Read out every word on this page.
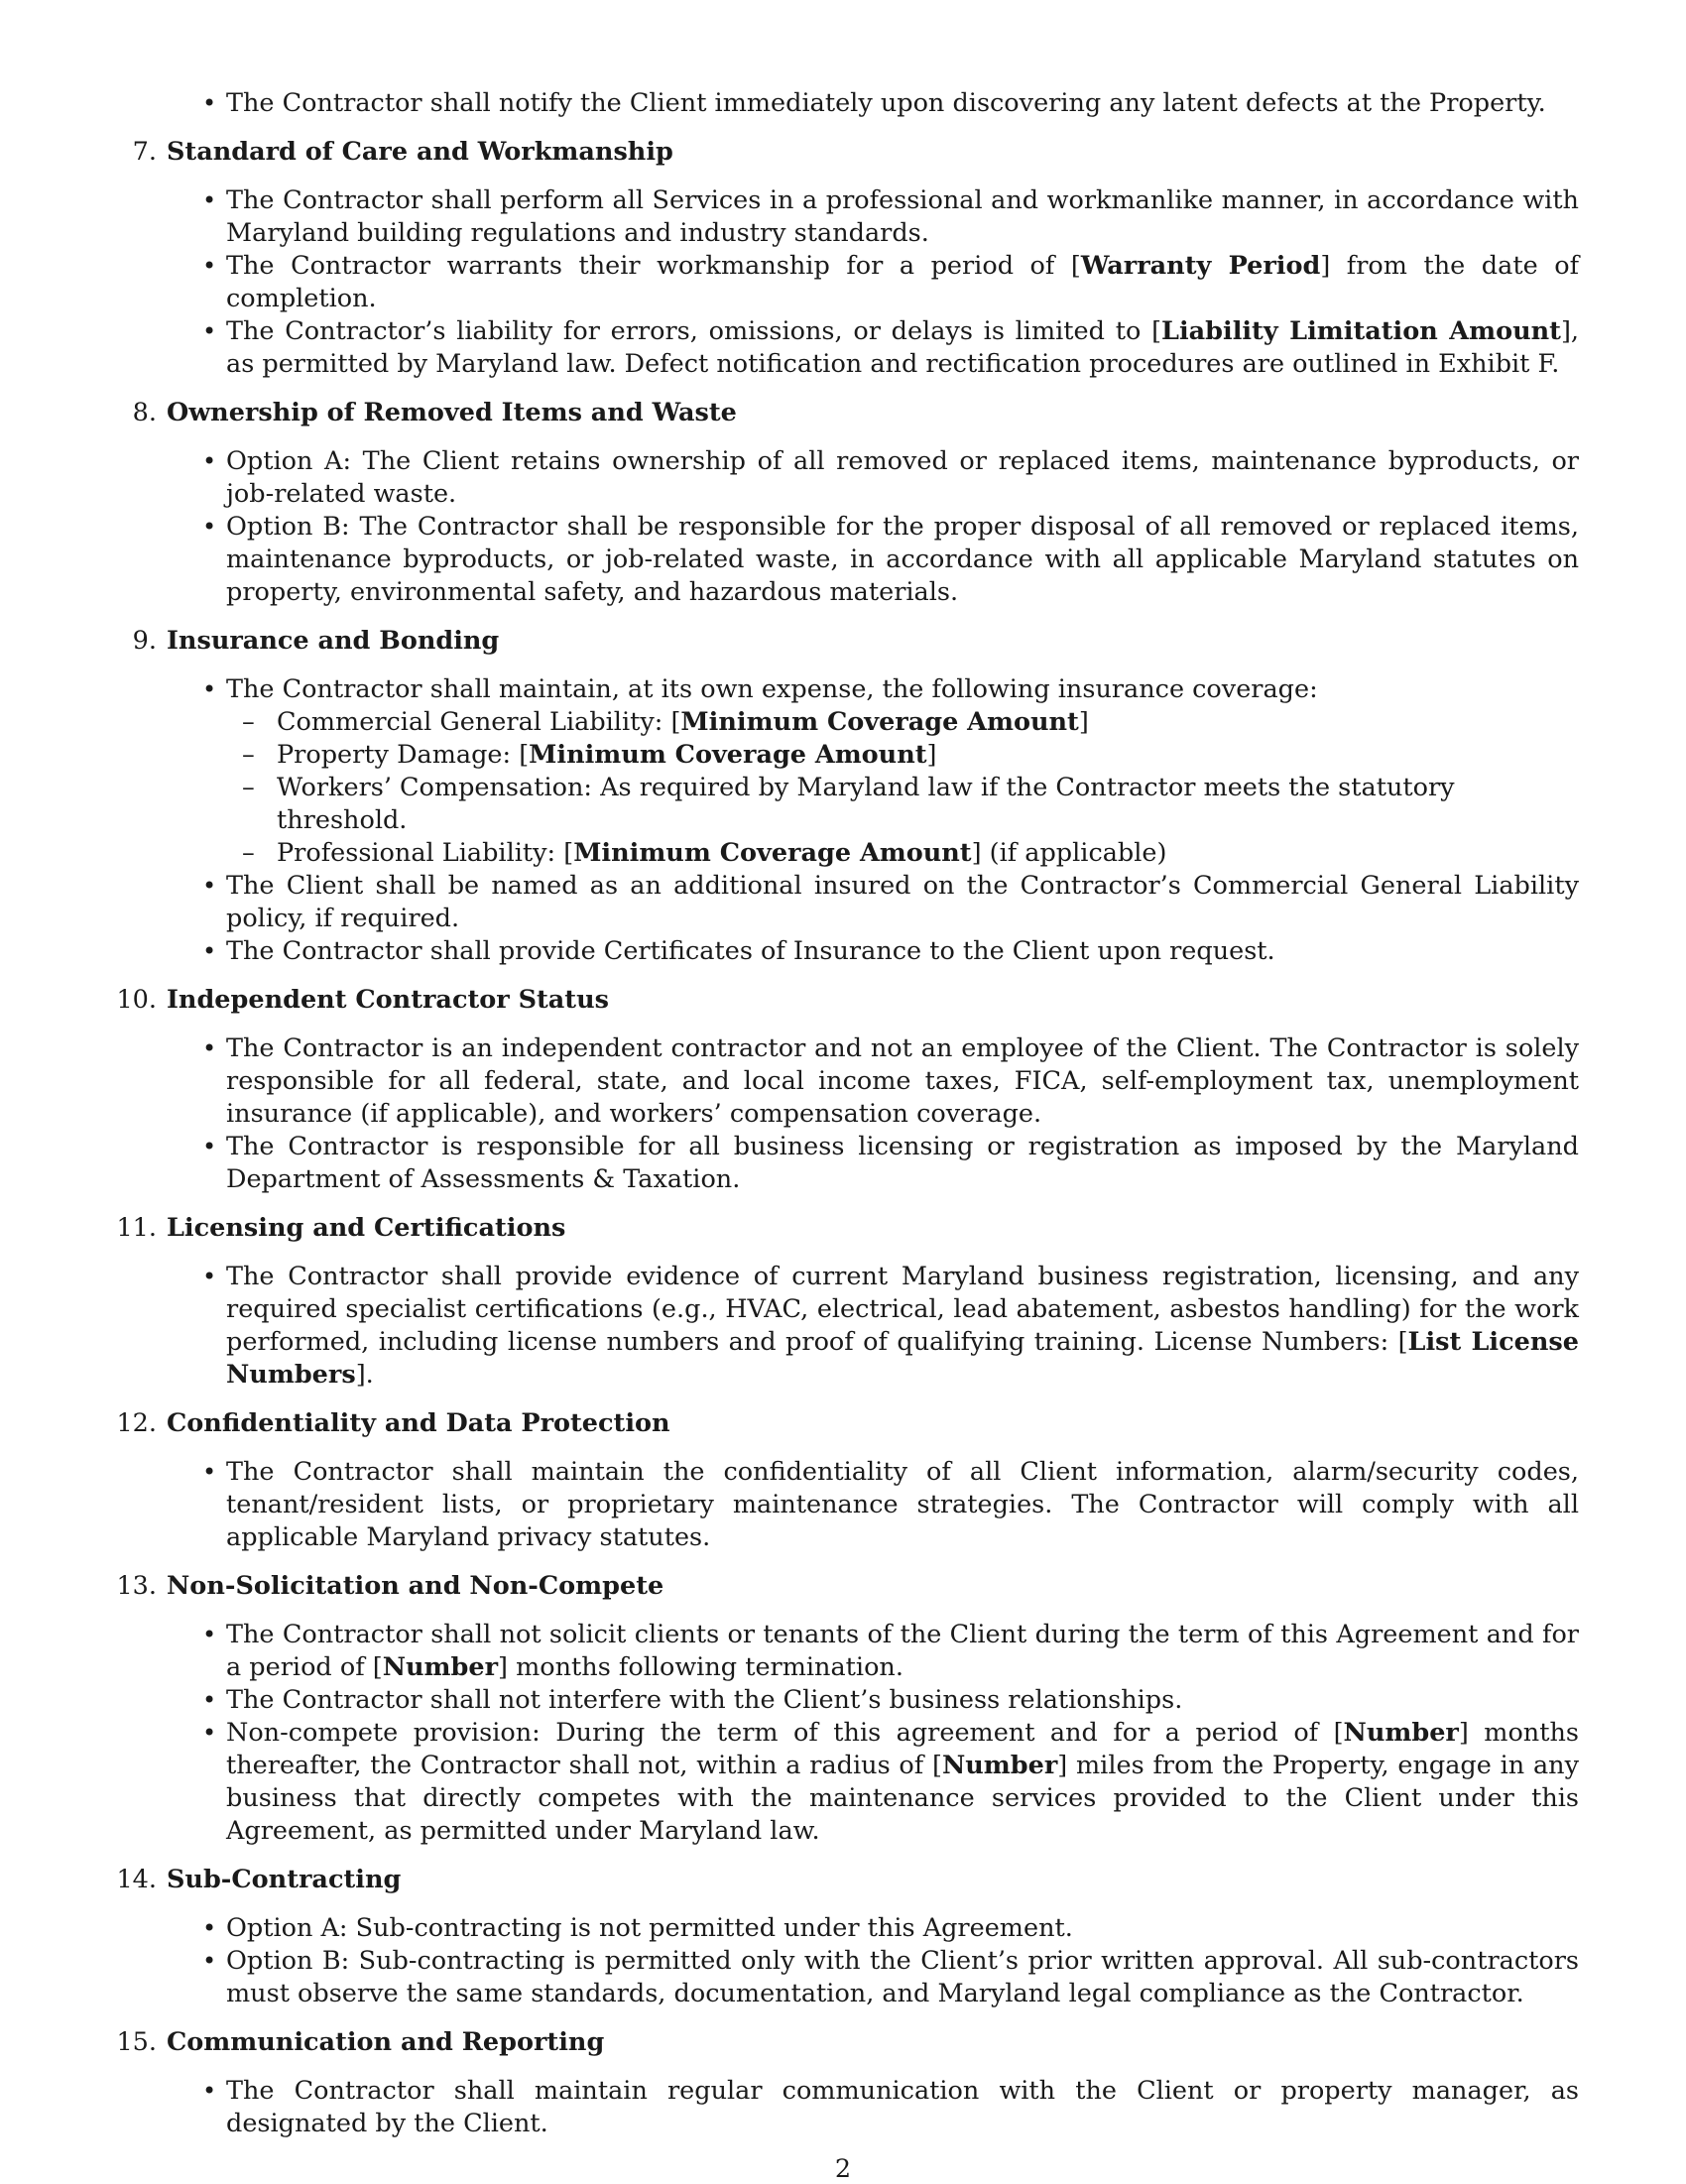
• The Contractor shall notify the Client immediately upon discovering any latent defects at the Property.
7. Standard of Care and Workmanship
• The Contractor shall perform all Services in a professional and workmanlike manner, in accordance with Maryland building regulations and industry standards.
• The Contractor warrants their workmanship for a period of [Warranty Period] from the date of completion.
• The Contractor’s liability for errors, omissions, or delays is limited to [Liability Limitation Amount], as permitted by Maryland law. Defect notification and rectification procedures are outlined in Exhibit F.
8. Ownership of Removed Items and Waste
• Option A: The Client retains ownership of all removed or replaced items, maintenance byproducts, or job-related waste.
• Option B: The Contractor shall be responsible for the proper disposal of all removed or replaced items, maintenance byproducts, or job-related waste, in accordance with all applicable Maryland statutes on property, environmental safety, and hazardous materials.
9. Insurance and Bonding
• The Contractor shall maintain, at its own expense, the following insurance coverage:
– Commercial General Liability: [Minimum Coverage Amount]
– Property Damage: [Minimum Coverage Amount]
– Workers’ Compensation: As required by Maryland law if the Contractor meets the statutory threshold.
– Professional Liability: [Minimum Coverage Amount] (if applicable)
• The Client shall be named as an additional insured on the Contractor’s Commercial General Liability policy, if required.
• The Contractor shall provide Certificates of Insurance to the Client upon request.
10. Independent Contractor Status
• The Contractor is an independent contractor and not an employee of the Client. The Contractor is solely responsible for all federal, state, and local income taxes, FICA, self-employment tax, unemployment insurance (if applicable), and workers’ compensation coverage.
• The Contractor is responsible for all business licensing or registration as imposed by the Maryland Department of Assessments & Taxation.
11. Licensing and Certifications
• The Contractor shall provide evidence of current Maryland business registration, licensing, and any required specialist certifications (e.g., HVAC, electrical, lead abatement, asbestos handling) for the work performed, including license numbers and proof of qualifying training. License Numbers: [List License Numbers].
12. Confidentiality and Data Protection
• The Contractor shall maintain the confidentiality of all Client information, alarm/security codes, tenant/resident lists, or proprietary maintenance strategies. The Contractor will comply with all applicable Maryland privacy statutes.
13. Non-Solicitation and Non-Compete
• The Contractor shall not solicit clients or tenants of the Client during the term of this Agreement and for a period of [Number] months following termination.
• The Contractor shall not interfere with the Client’s business relationships.
• Non-compete provision: During the term of this agreement and for a period of [Number] months thereafter, the Contractor shall not, within a radius of [Number] miles from the Property, engage in any business that directly competes with the maintenance services provided to the Client under this Agreement, as permitted under Maryland law.
14. Sub-Contracting
• Option A: Sub-contracting is not permitted under this Agreement.
• Option B: Sub-contracting is permitted only with the Client’s prior written approval. All sub-contractors must observe the same standards, documentation, and Maryland legal compliance as the Contractor.
15. Communication and Reporting
• The Contractor shall maintain regular communication with the Client or property manager, as designated by the Client.
2
